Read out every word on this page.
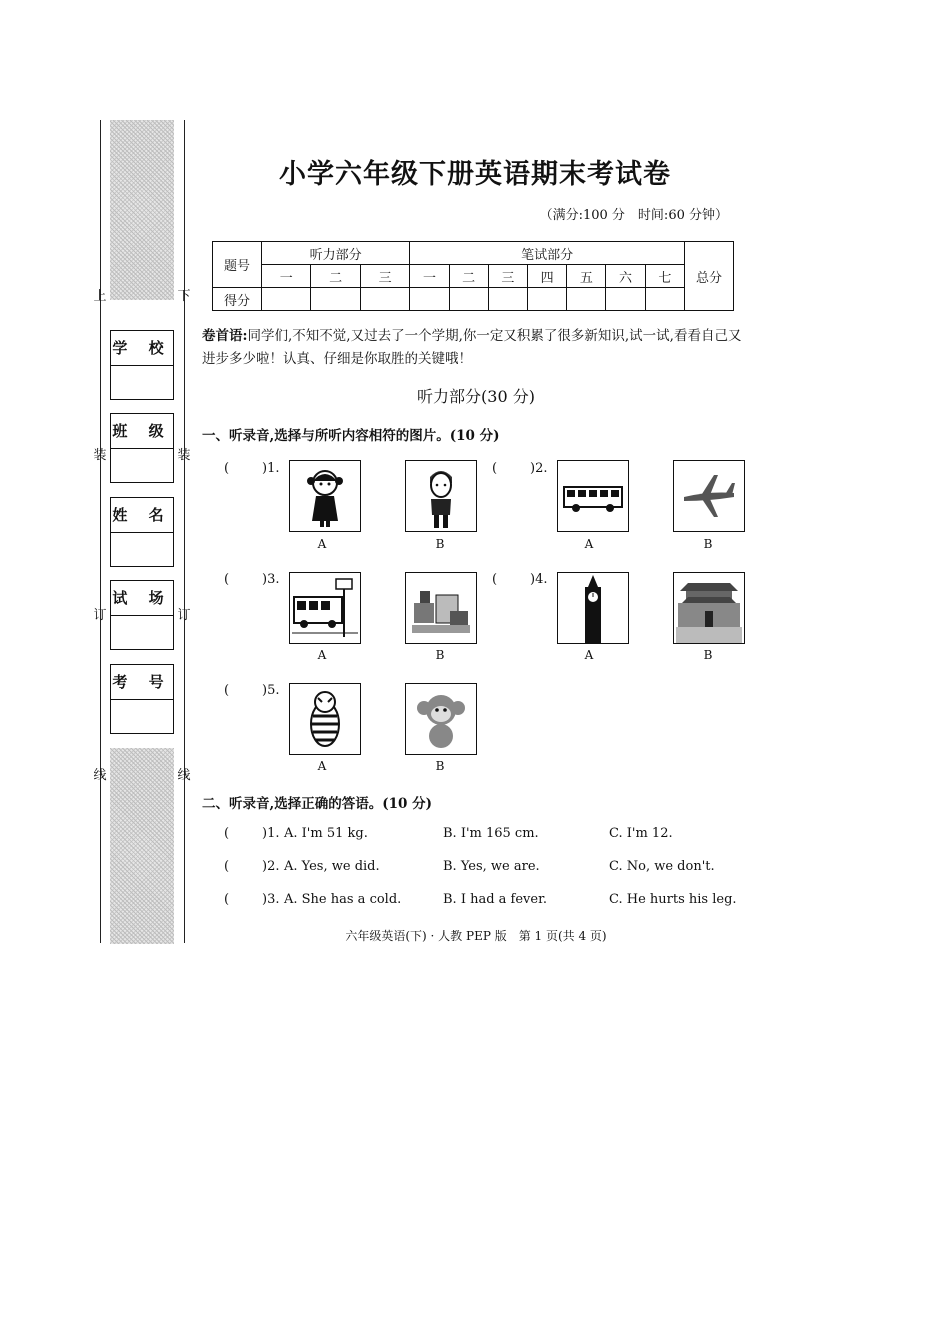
上
装
订
线
下
装
订
线
学 校
班 级
姓 名
试 场
考 号
小学六年级下册英语期末考试卷
（满分:100 分　时间:60 分钟）
题号	听力部分			笔试部分							总分
	一	二	三	一	二	三	四	五	六	七	
得分											
卷首语:同学们,不知不觉,又过去了一个学期,你一定又积累了很多新知识,试一试,看看自己又进步多少啦！认真、仔细是你取胜的关键哦！
听力部分(30 分)
一、听录音,选择与所听内容相符的图片。(10 分)
(	)1.
A	B
(	)2.
A	B
(	)3.
A	B
(	)4.
A	B
(	)5.
A	B
二、听录音,选择正确的答语。(10 分)
(	)1. A. I'm 51 kg.	B. I'm 165 cm.	C. I'm 12.
(	)2. A. Yes, we did.	B. Yes, we are.	C. No, we don't.
(	)3. A. She has a cold.	B. I had a fever.	C. He hurts his leg.
六年级英语(下) · 人教 PEP 版　第 1 页(共 4 页)
